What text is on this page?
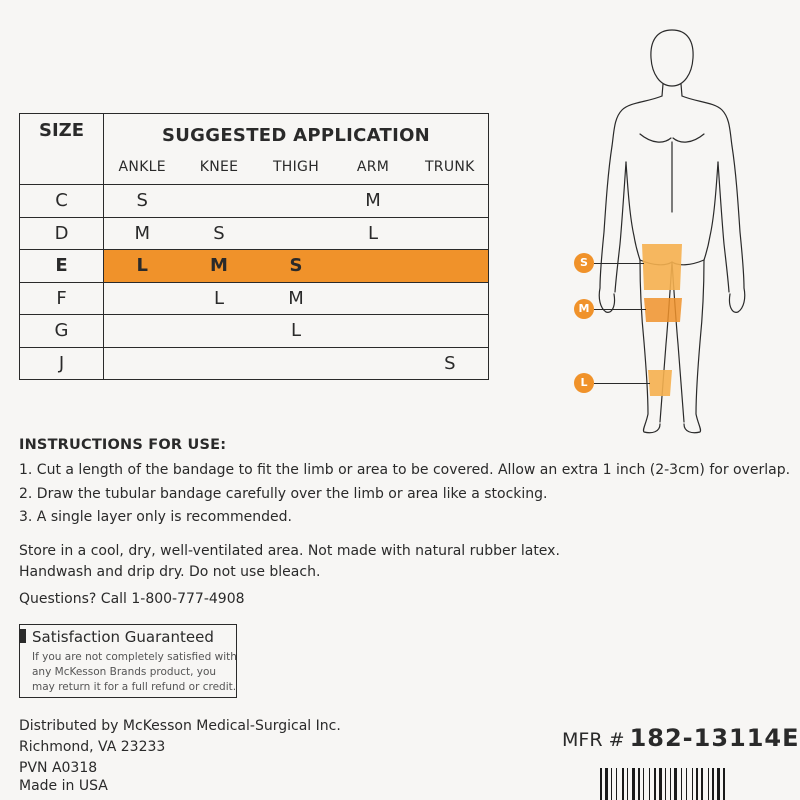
SIZE	SUGGESTED APPLICATION				
	ANKLE	KNEE	THIGH	ARM	TRUNK
C	S			M	
D	M	S		L	
E	L	M	S		
F		L	M		
G			L		
J					S
S
M
L
INSTRUCTIONS FOR USE:
1. Cut a length of the bandage to fit the limb or area to be covered. Allow an extra 1 inch (2-3cm) for overlap.
2. Draw the tubular bandage carefully over the limb or area like a stocking.
3. A single layer only is recommended.
Store in a cool, dry, well-ventilated area. Not made with natural rubber latex.
Handwash and drip dry. Do not use bleach.
Questions? Call 1-800-777-4908
Satisfaction Guaranteed
If you are not completely satisfied with any McKesson Brands product, you may return it for a full refund or credit.
Distributed by McKesson Medical-Surgical Inc.
Richmond, VA 23233
PVN A0318
Made in USA
MFR # 182-13114E
